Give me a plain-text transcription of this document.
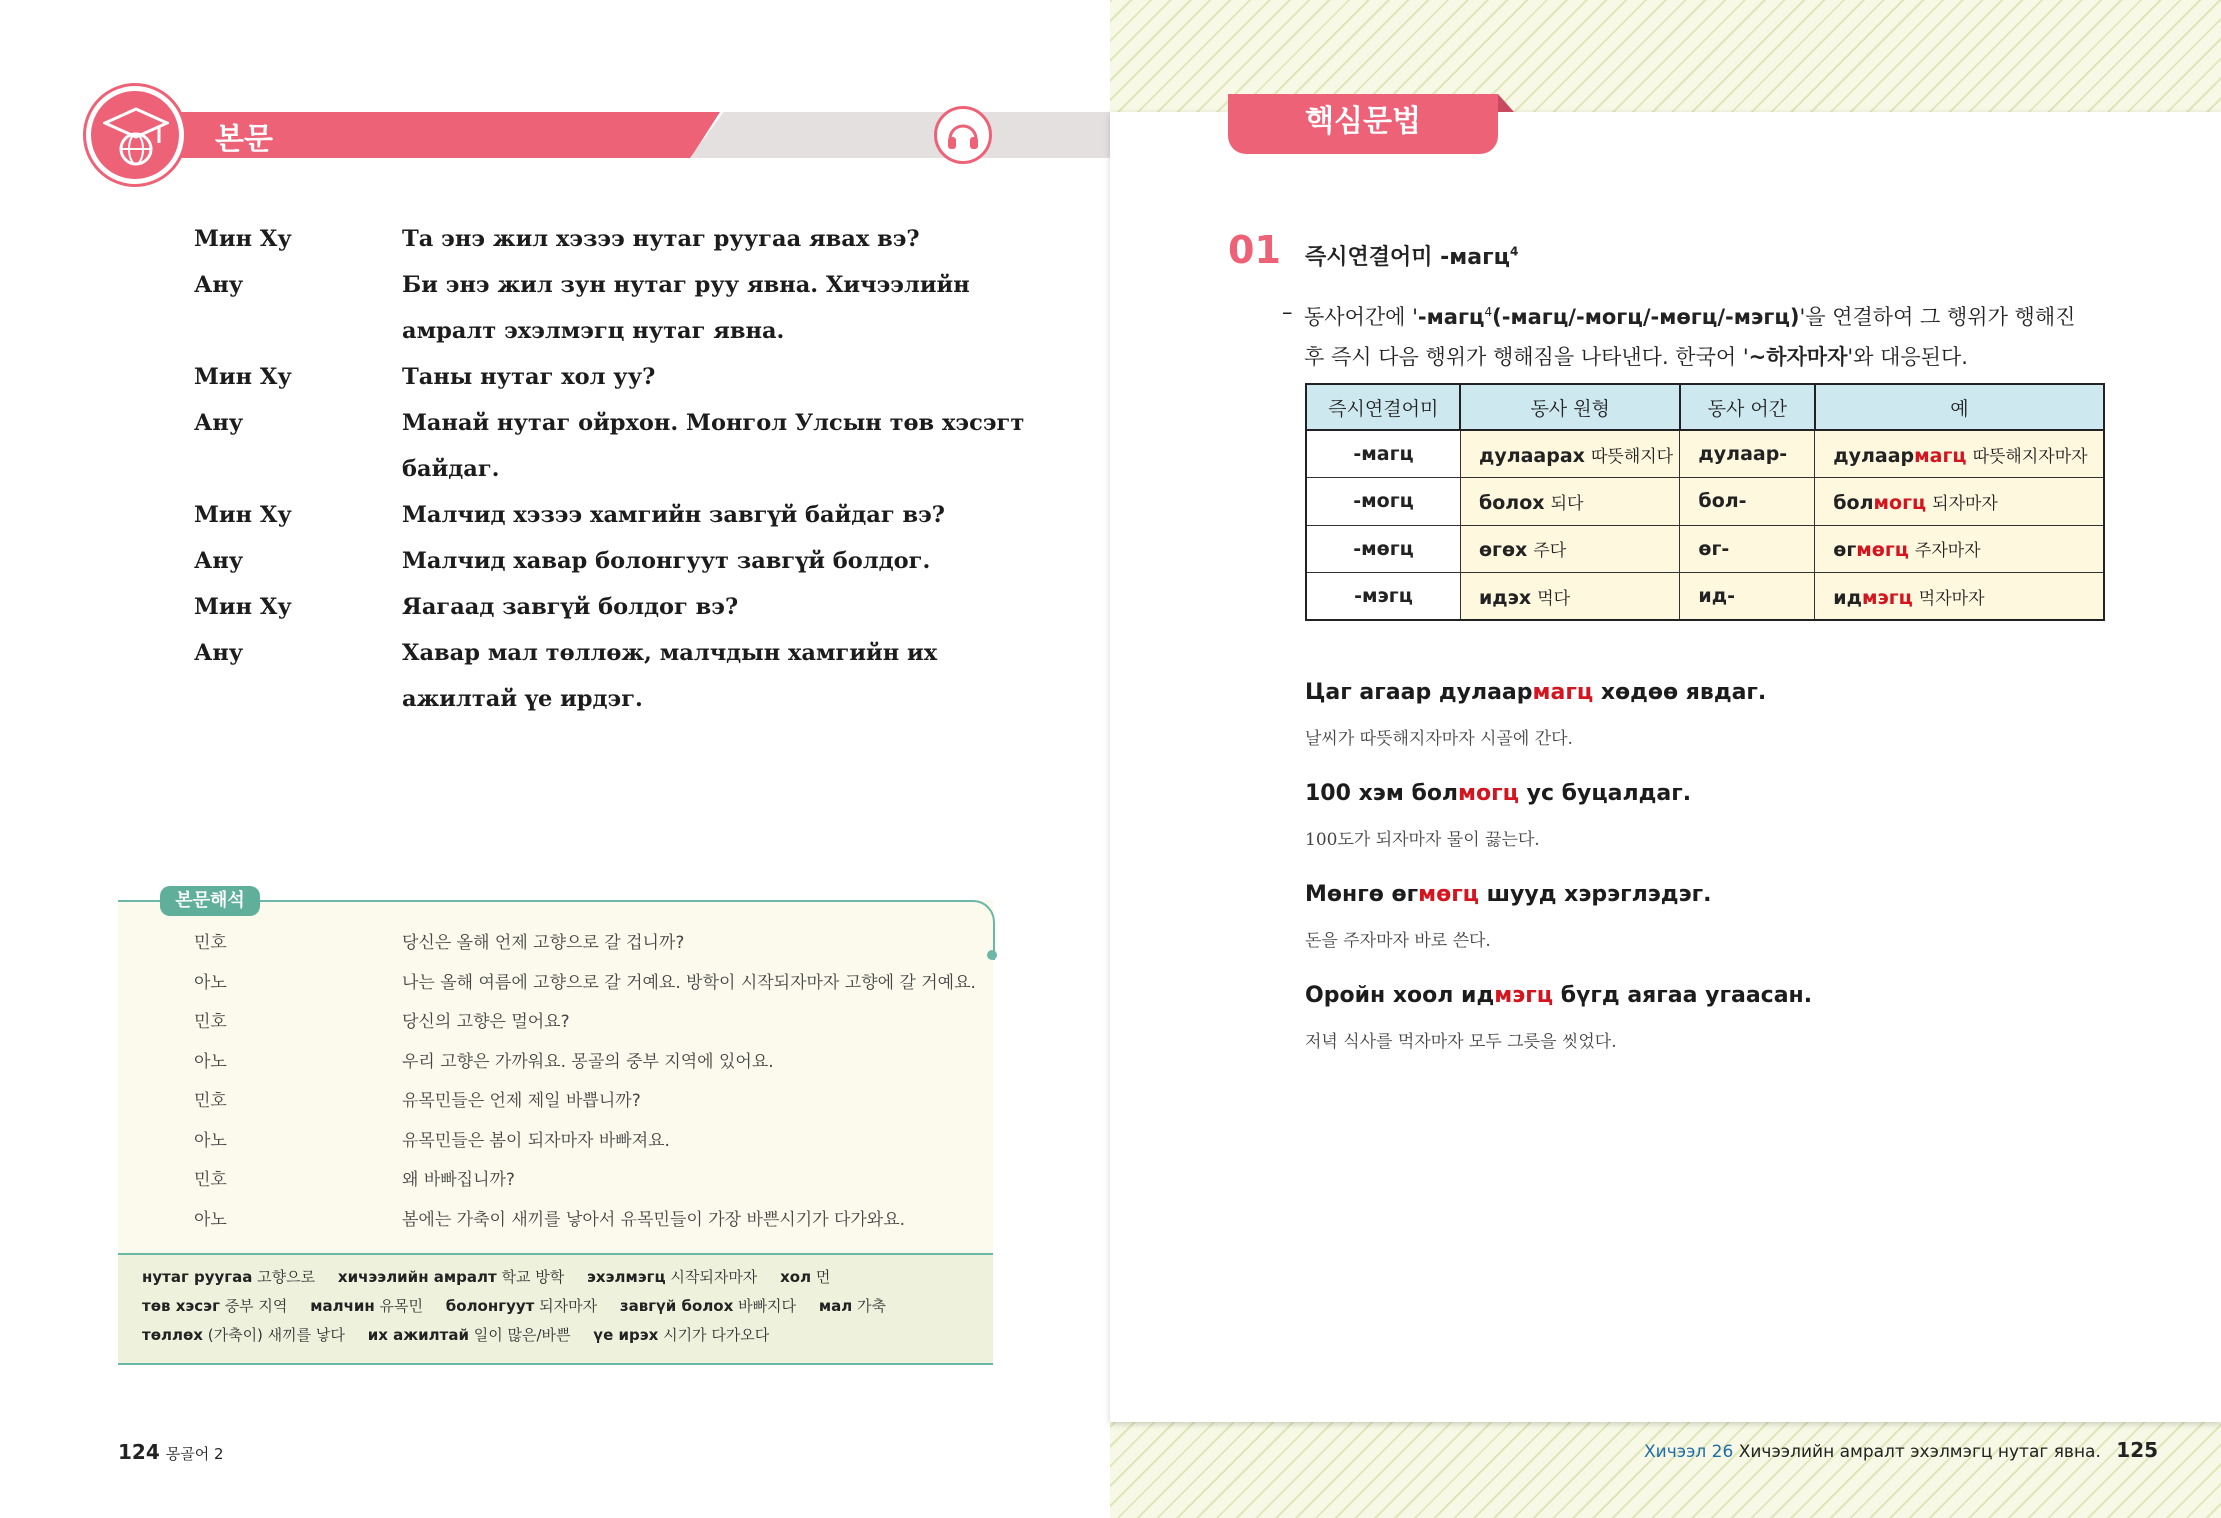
본문
Мин Ху	Та энэ жил хэзээ нутаг руугаа явах вэ?
Ану	Би энэ жил зун нутаг руу явна. Хичээлийн
амралт эхэлмэгц нутаг явна.
Мин Ху	Таны нутаг хол уу?
Ану	Манай нутаг ойрхон. Монгол Улсын төв хэсэгт
байдаг.
Мин Ху	Малчид хэзээ хамгийн завгүй байдаг вэ?
Ану	Малчид хавар болонгуут завгүй болдог.
Мин Ху	Яагаад завгүй болдог вэ?
Ану	Хавар мал төллөж, малчдын хамгийн их
ажилтай үе ирдэг.
본문해석
민호	당신은 올해 언제 고향으로 갈 겁니까?
아노	나는 올해 여름에 고향으로 갈 거예요. 방학이 시작되자마자 고향에 갈 거예요.
민호	당신의 고향은 멀어요?
아노	우리 고향은 가까워요. 몽골의 중부 지역에 있어요.
민호	유목민들은 언제 제일 바쁩니까?
아노	유목민들은 봄이 되자마자 바빠져요.
민호	왜 바빠집니까?
아노	봄에는 가축이 새끼를 낳아서 유목민들이 가장 바쁜시기가 다가와요.
нутаг руугаа 고향으로 хичээлийн амралт 학교 방학 эхэлмэгц 시작되자마자 хол 먼
төв хэсэг 중부 지역 малчин 유목민 болонгуут 되자마자 завгүй болох 바빠지다 мал 가축
төллөх (가축이) 새끼를 낳다 их ажилтай 일이 많은/바쁜 үе ирэх 시기가 다가오다
124 몽골어 2
핵심문법
01 즉시연결어미 -магц$^4$
– 동사어간에 '-магц$^4$(-магц/-могц/-мөгц/-мэгц)'을 연결하여 그 행위가 행해진 후 즉시 다음 행위가 행해짐을 나타낸다. 한국어 '~하자마자'와 대응된다.
즉시연결어미	동사 원형	동사 어간	예
-магц	дулаарах 따뜻해지다	дулаар-	дулаармагц 따뜻해지자마자
-могц	болох 되다	бол-	болмогц 되자마자
-мөгц	өгөх 주다	өг-	өгмөгц 주자마자
-мэгц	идэх 먹다	ид-	идмэгц 먹자마자
Цаг агаар дулаармагц хөдөө явдаг.
날씨가 따뜻해지자마자 시골에 간다.
100 хэм болмогц ус буцалдаг.
100도가 되자마자 물이 끓는다.
Мөнгө өгмөгц шууд хэрэглэдэг.
돈을 주자마자 바로 쓴다.
Оройн хоол идмэгц бүгд аягаа угаасан.
저녁 식사를 먹자마자 모두 그릇을 씻었다.
Хичээл 26 Хичээлийн амралт эхэлмэгц нутаг явна. 125
